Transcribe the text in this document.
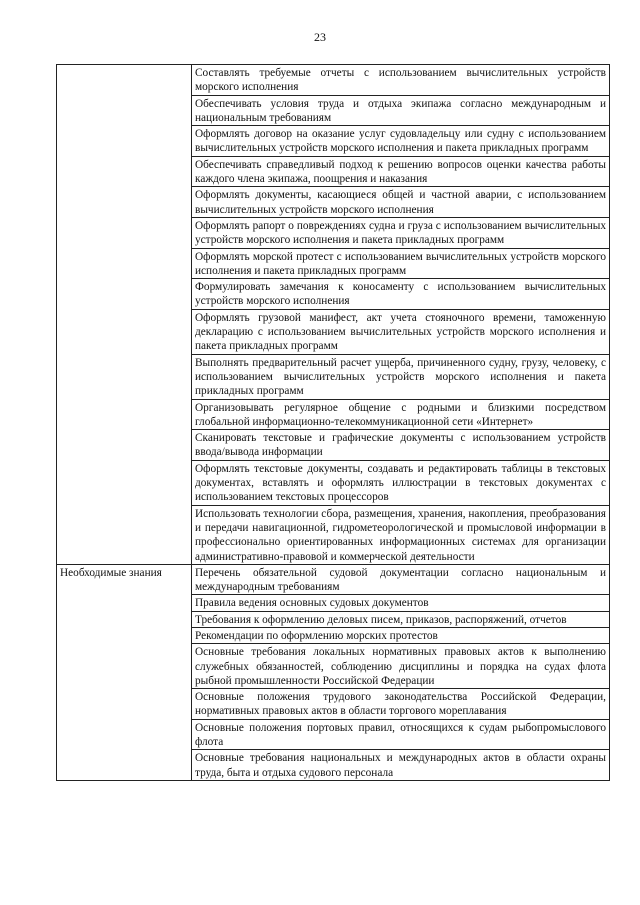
23
	Составлять требуемые отчеты с использованием вычислительных устройств морского исполнения
	Обеспечивать условия труда и отдыха экипажа согласно международным и национальным требованиям
	Оформлять договор на оказание услуг судовладельцу или судну с использованием вычислительных устройств морского исполнения и пакета прикладных программ
	Обеспечивать справедливый подход к решению вопросов оценки качества работы каждого члена экипажа, поощрения и наказания
	Оформлять документы, касающиеся общей и частной аварии, с использованием вычислительных устройств морского исполнения
	Оформлять рапорт о повреждениях судна и груза с использованием вычислительных устройств морского исполнения и пакета прикладных программ
	Оформлять морской протест с использованием вычислительных устройств морского исполнения и пакета прикладных программ
	Формулировать замечания к коносаменту с использованием вычислительных устройств морского исполнения
	Оформлять грузовой манифест, акт учета стояночного времени, таможенную декларацию с использованием вычислительных устройств морского исполнения и пакета прикладных программ
	Выполнять предварительный расчет ущерба, причиненного судну, грузу, человеку, с использованием вычислительных устройств морского исполнения и пакета прикладных программ
	Организовывать регулярное общение с родными и близкими посредством глобальной информационно-телекоммуникационной сети «Интернет»
	Сканировать текстовые и графические документы с использованием устройств ввода/вывода информации
	Оформлять текстовые документы, создавать и редактировать таблицы в текстовых документах, вставлять и оформлять иллюстрации в текстовых документах с использованием текстовых процессоров
	Использовать технологии сбора, размещения, хранения, накопления, преобразования и передачи навигационной, гидрометеорологической и промысловой информации в профессионально ориентированных информационных системах для организации административно-правовой и коммерческой деятельности
Необходимые знания	Перечень обязательной судовой документации согласно национальным и международным требованиям
	Правила ведения основных судовых документов
	Требования к оформлению деловых писем, приказов, распоряжений, отчетов
	Рекомендации по оформлению морских протестов
	Основные требования локальных нормативных правовых актов к выполнению служебных обязанностей, соблюдению дисциплины и порядка на судах флота рыбной промышленности Российской Федерации
	Основные положения трудового законодательства Российской Федерации, нормативных правовых актов в области торгового мореплавания
	Основные положения портовых правил, относящихся к судам рыбопромыслового флота
	Основные требования национальных и международных актов в области охраны труда, быта и отдыха судового персонала
